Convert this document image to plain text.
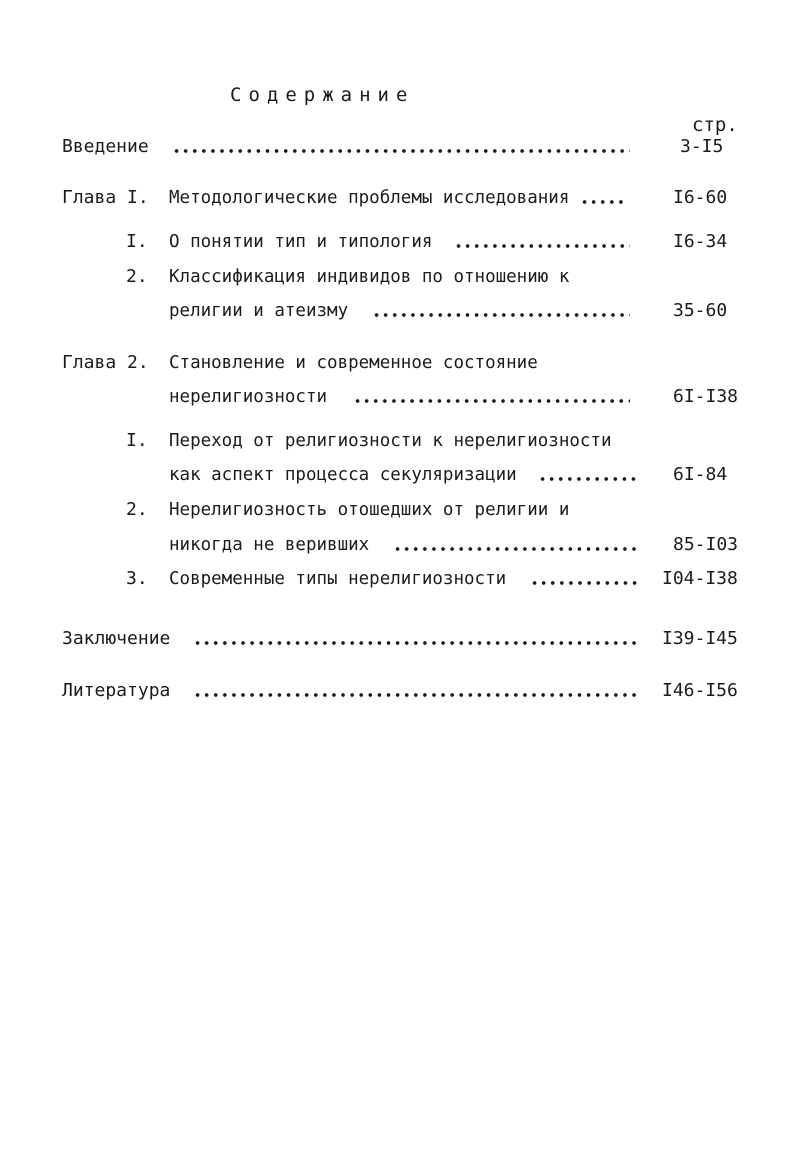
Содержание
стр.
Введение	3-I5
Глава I. Методологические проблемы исследования	I6-60
I. О понятии тип и типология	I6-34
2. Классификация индивидов по отношению к
религии и атеизму	35-60
Глава 2. Становление и современное состояние
нерелигиозности	6I-I38
I. Переход от религиозности к нерелигиозности
как аспект процесса секуляризации	6I-84
2. Нерелигиозность отошедших от религии и
никогда не веривших	85-I03
3. Современные типы нерелигиозности	I04-I38
Заключение	I39-I45
Литература	I46-I56
